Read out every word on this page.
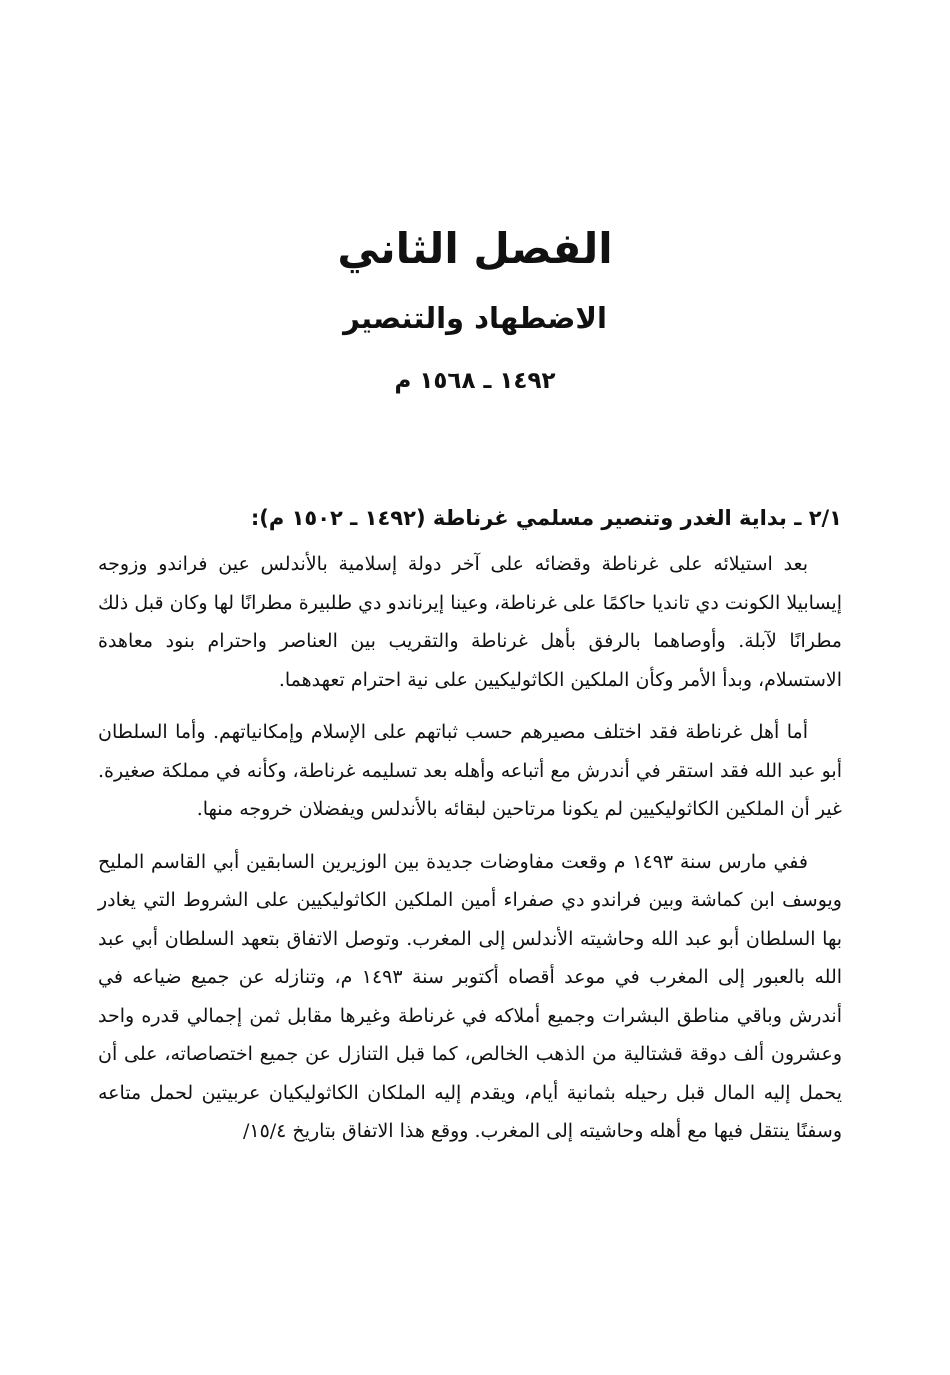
الفصل الثاني
الاضطهاد والتنصير
١٤٩٢ ـ ١٥٦٨ م
٢/١ ـ بداية الغدر وتنصير مسلمي غرناطة (١٤٩٢ ـ ١٥٠٢ م):

بعد استيلائه على غرناطة وقضائه على آخر دولة إسلامية بالأندلس عين فراندو وزوجه إيسابيلا الكونت دي تانديا حاكمًا على غرناطة، وعينا إيرناندو دي طلبيرة مطرانًا لها وكان قبل ذلك مطرانًا لآبلة. وأوصاهما بالرفق بأهل غرناطة والتقريب بين العناصر واحترام بنود معاهدة الاستسلام، وبدأ الأمر وكأن الملكين الكاثوليكيين على نية احترام تعهدهما.

أما أهل غرناطة فقد اختلف مصيرهم حسب ثباتهم على الإسلام وإمكانياتهم. وأما السلطان أبو عبد الله فقد استقر في أندرش مع أتباعه وأهله بعد تسليمه غرناطة، وكأنه في مملكة صغيرة. غير أن الملكين الكاثوليكيين لم يكونا مرتاحين لبقائه بالأندلس ويفضلان خروجه منها.

ففي مارس سنة ١٤٩٣ م وقعت مفاوضات جديدة بين الوزيرين السابقين أبي القاسم المليح ويوسف ابن كماشة وبين فراندو دي صفراء أمين الملكين الكاثوليكيين على الشروط التي يغادر بها السلطان أبو عبد الله وحاشيته الأندلس إلى المغرب. وتوصل الاتفاق بتعهد السلطان أبي عبد الله بالعبور إلى المغرب في موعد أقصاه أكتوبر سنة ١٤٩٣ م، وتنازله عن جميع ضياعه في أندرش وباقي مناطق البشرات وجميع أملاكه في غرناطة وغيرها مقابل ثمن إجمالي قدره واحد وعشرون ألف دوقة قشتالية من الذهب الخالص، كما قبل التنازل عن جميع اختصاصاته، على أن يحمل إليه المال قبل رحيله بثمانية أيام، ويقدم إليه الملكان الكاثوليكيان عربيتين لحمل متاعه وسفنًا ينتقل فيها مع أهله وحاشيته إلى المغرب. ووقع هذا الاتفاق بتاريخ ١٥/٤/
